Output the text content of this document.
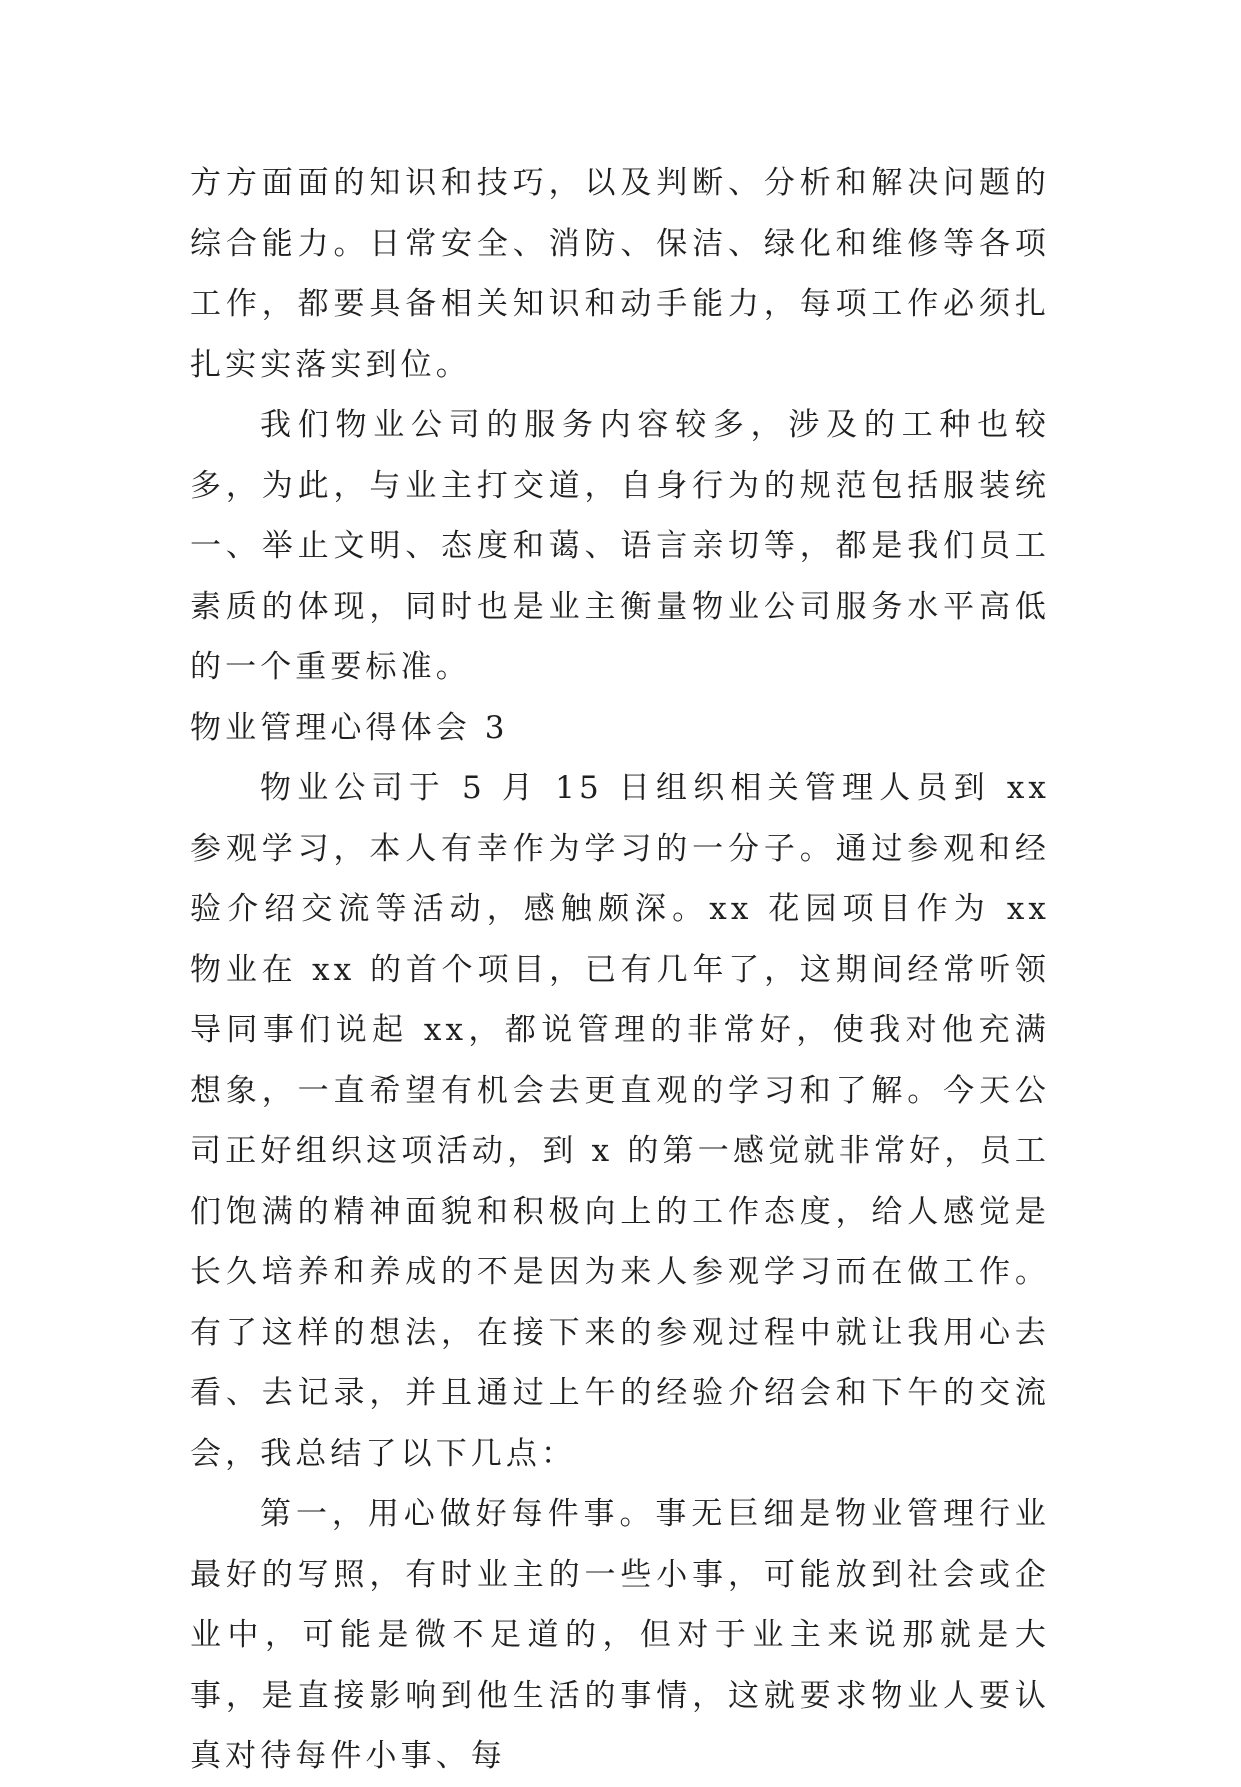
方方面面的知识和技巧，以及判断、分析和解决问题的综合能力。日常安全、消防、保洁、绿化和维修等各项工作，都要具备相关知识和动手能力，每项工作必须扎扎实实落实到位。

我们物业公司的服务内容较多，涉及的工种也较多，为此，与业主打交道，自身行为的规范包括服装统一、举止文明、态度和蔼、语言亲切等，都是我们员工素质的体现，同时也是业主衡量物业公司服务水平高低的一个重要标准。

物业管理心得体会 3

物业公司于 5 月 15 日组织相关管理人员到 xx 参观学习，本人有幸作为学习的一分子。通过参观和经验介绍交流等活动，感触颇深。xx 花园项目作为 xx 物业在 xx 的首个项目，已有几年了，这期间经常听领导同事们说起 xx，都说管理的非常好，使我对他充满想象，一直希望有机会去更直观的学习和了解。今天公司正好组织这项活动，到 x 的第一感觉就非常好，员工们饱满的精神面貌和积极向上的工作态度，给人感觉是长久培养和养成的不是因为来人参观学习而在做工作。有了这样的想法，在接下来的参观过程中就让我用心去看、去记录，并且通过上午的经验介绍会和下午的交流会，我总结了以下几点：

第一，用心做好每件事。事无巨细是物业管理行业最好的写照，有时业主的一些小事，可能放到社会或企业中，可能是微不足道的，但对于业主来说那就是大事，是直接影响到他生活的事情，这就要求物业人要认真对待每件小事、每
